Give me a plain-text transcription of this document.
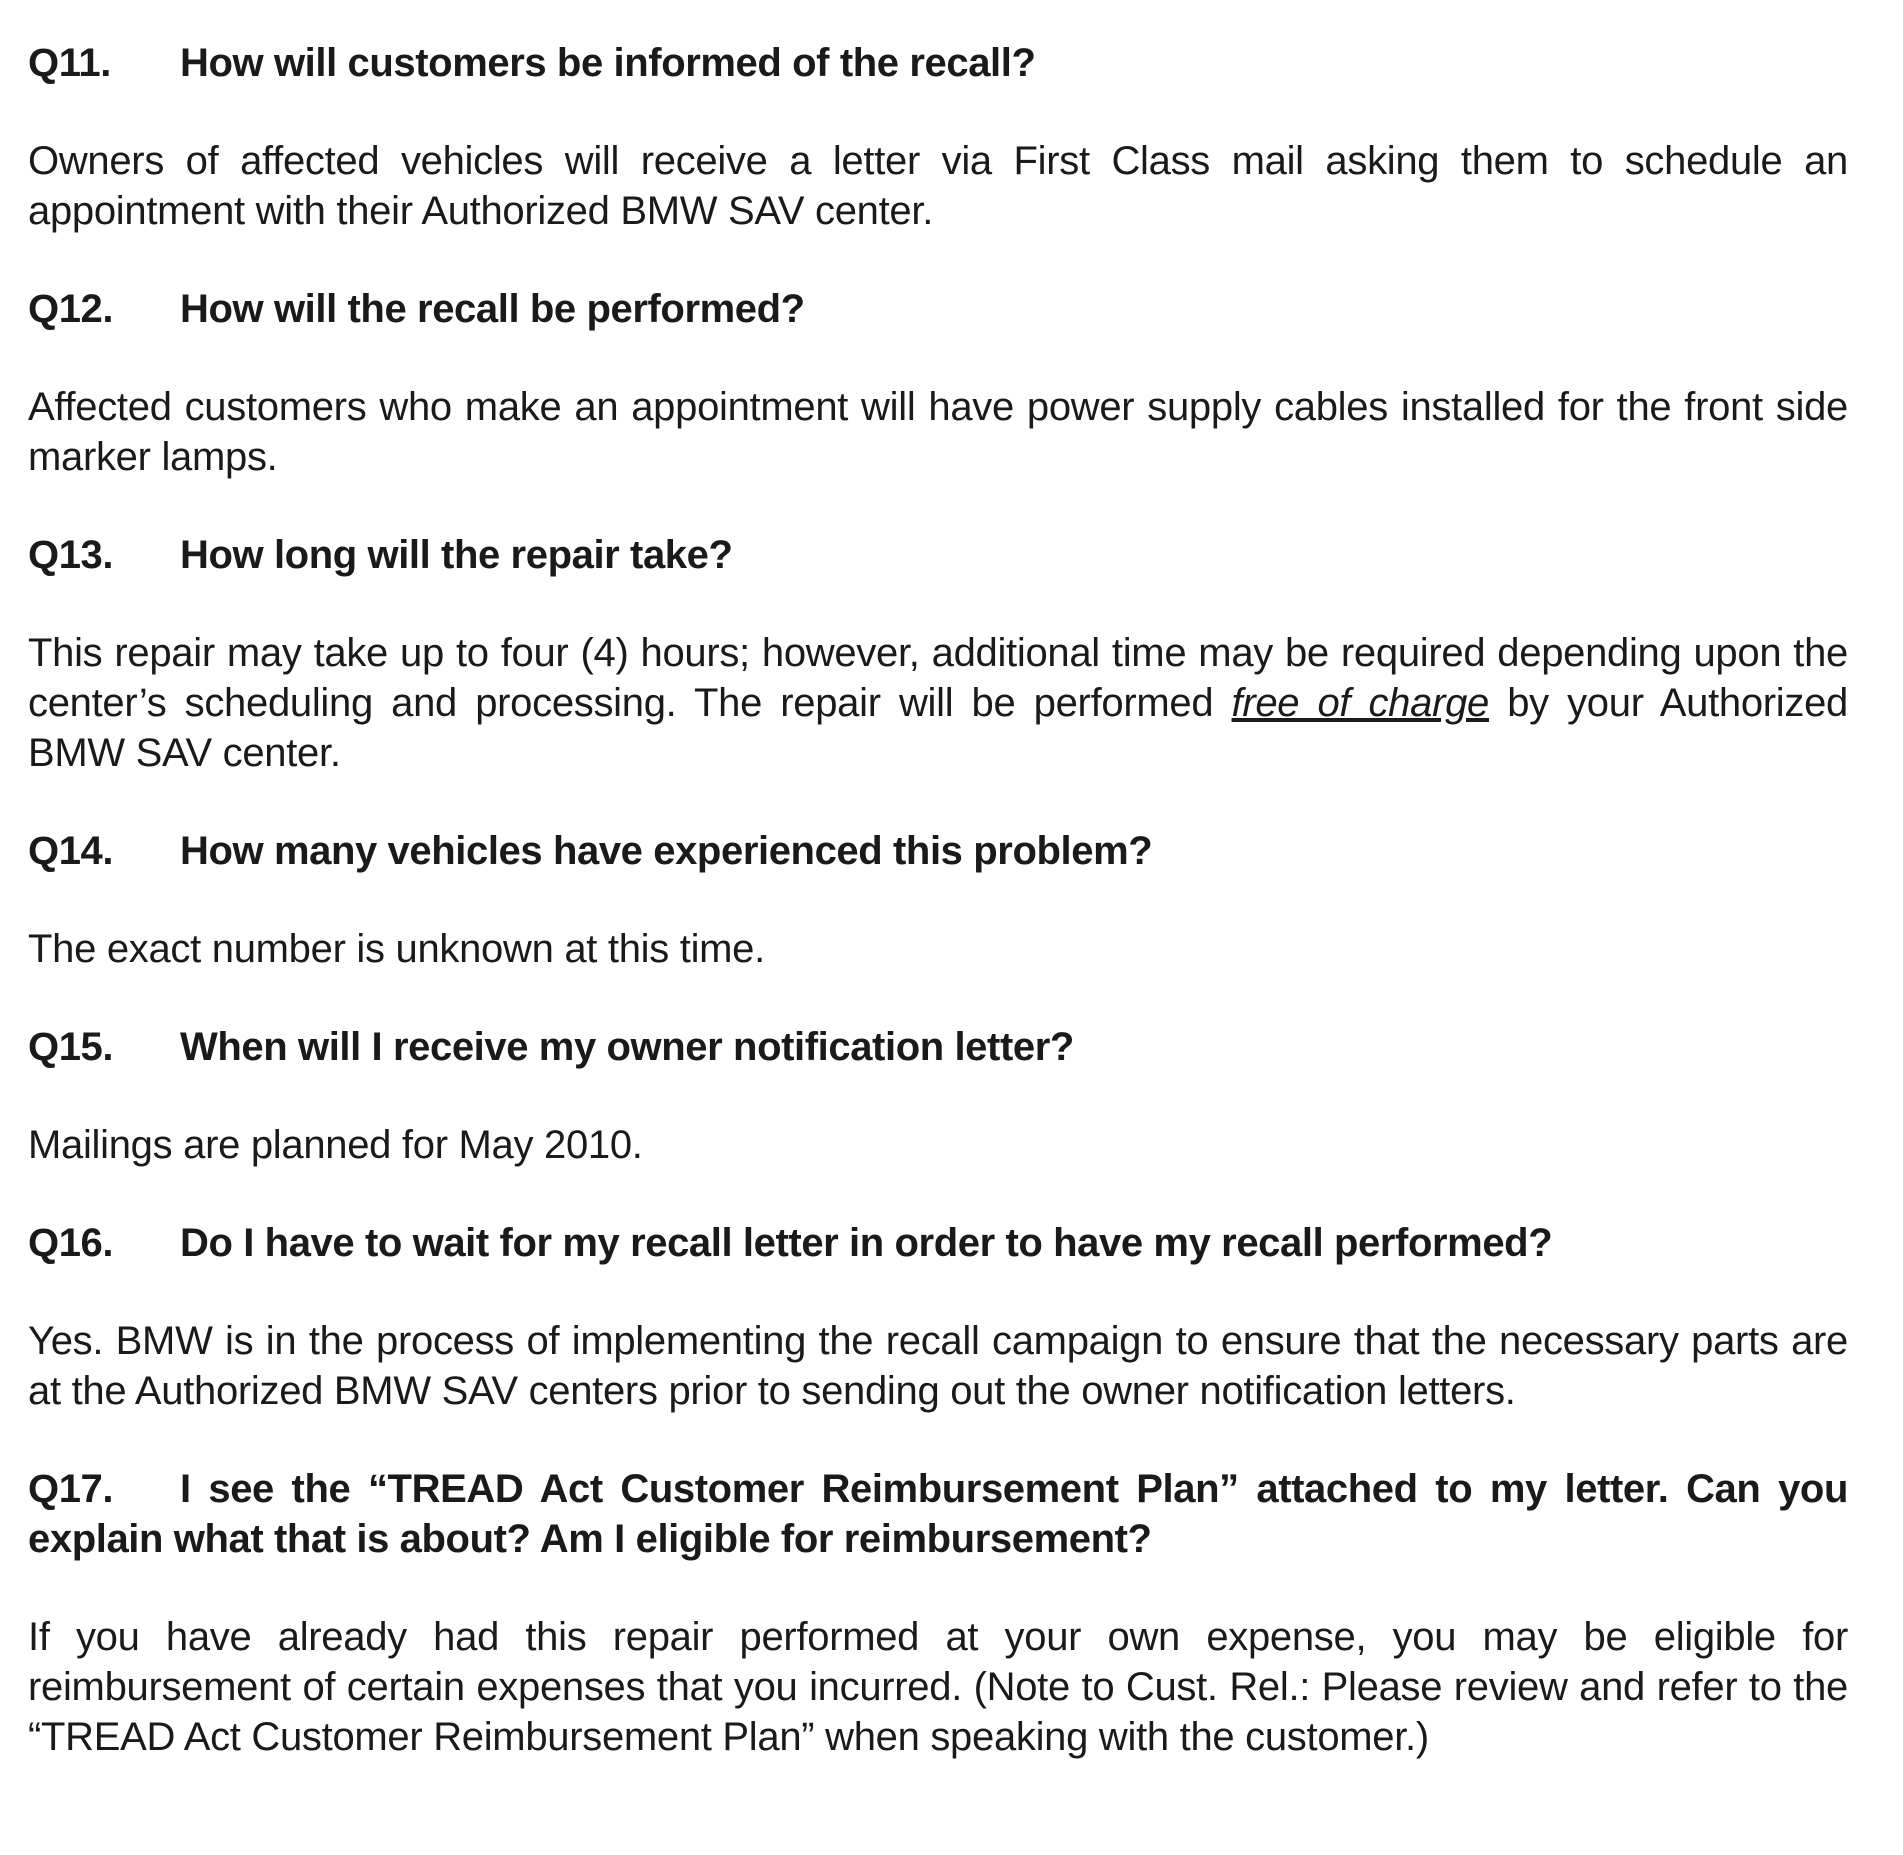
Q11.	How will customers be informed of the recall?

Owners of affected vehicles will receive a letter via First Class mail asking them to schedule an appointment with their Authorized BMW SAV center.

Q12.	How will the recall be performed?

Affected customers who make an appointment will have power supply cables installed for the front side marker lamps.

Q13.	How long will the repair take?

This repair may take up to four (4) hours; however, additional time may be required depending upon the center’s scheduling and processing. The repair will be performed free of charge by your Authorized BMW SAV center.

Q14.	How many vehicles have experienced this problem?

The exact number is unknown at this time.

Q15.	When will I receive my owner notification letter?

Mailings are planned for May 2010.

Q16.	Do I have to wait for my recall letter in order to have my recall performed?

Yes. BMW is in the process of implementing the recall campaign to ensure that the necessary parts are at the Authorized BMW SAV centers prior to sending out the owner notification letters.

Q17. I see the “TREAD Act Customer Reimbursement Plan” attached to my letter. Can you explain what that is about? Am I eligible for reimbursement?

If you have already had this repair performed at your own expense, you may be eligible for reimbursement of certain expenses that you incurred. (Note to Cust. Rel.: Please review and refer to the “TREAD Act Customer Reimbursement Plan” when speaking with the customer.)
